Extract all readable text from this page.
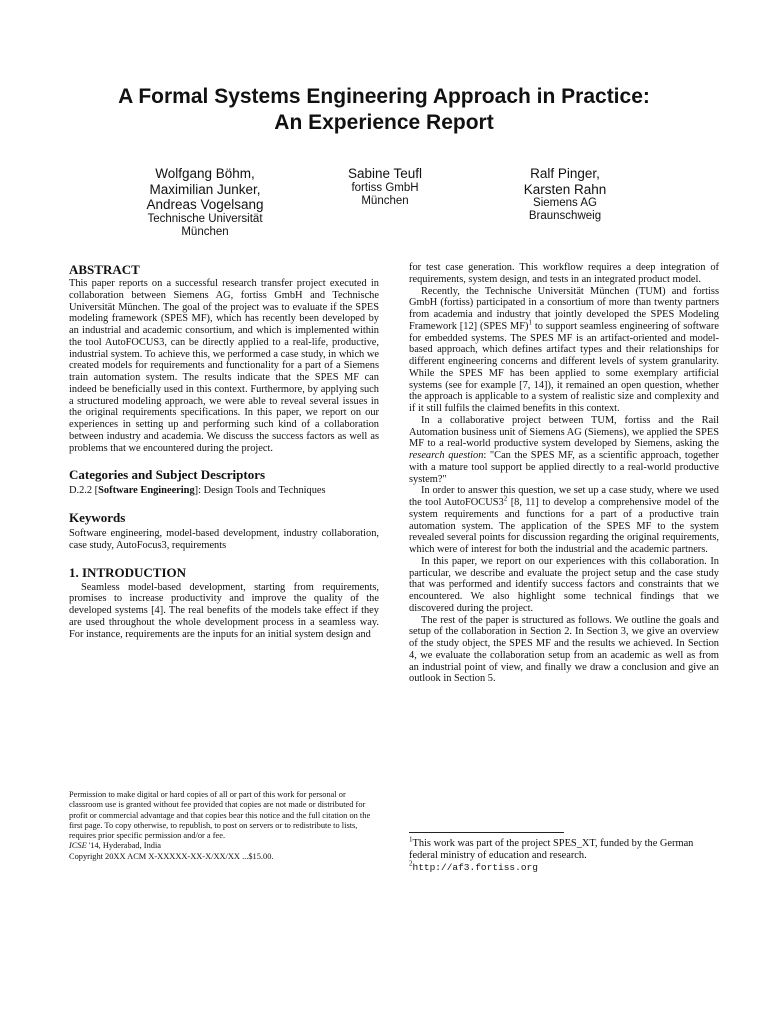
A Formal Systems Engineering Approach in Practice:
An Experience Report
Wolfgang Böhm,
Maximilian Junker,
Andreas Vogelsang
Technische Universität
München
Sabine Teufl
fortiss GmbH
München
Ralf Pinger,
Karsten Rahn
Siemens AG
Braunschweig
ABSTRACT

This paper reports on a successful research transfer project executed in collaboration between Siemens AG, fortiss GmbH and Technische Universität München. The goal of the project was to evaluate if the SPES modeling framework (SPES MF), which has recently been developed by an industrial and academic consortium, and which is implemented within the tool AutoFOCUS3, can be directly applied to a real-life, productive, industrial system. To achieve this, we performed a case study, in which we created models for requirements and functionality for a part of a Siemens train automation system. The results indicate that the SPES MF can indeed be beneficially used in this context. Furthermore, by applying such a structured modeling approach, we were able to reveal several issues in the original requirements specifications. In this paper, we report on our experiences in setting up and performing such kind of a collaboration between industry and academia. We discuss the success factors as well as problems that we encountered during the project.

Categories and Subject Descriptors

D.2.2 [Software Engineering]: Design Tools and Techniques

Keywords

Software engineering, model-based development, industry collaboration, case study, AutoFocus3, requirements

1. INTRODUCTION

Seamless model-based development, starting from requirements, promises to increase productivity and improve the quality of the developed systems [4]. The real benefits of the models take effect if they are used throughout the whole development process in a seamless way. For instance, requirements are the inputs for an initial system design and

Permission to make digital or hard copies of all or part of this work for personal or classroom use is granted without fee provided that copies are not made or distributed for profit or commercial advantage and that copies bear this notice and the full citation on the first page. To copy otherwise, to republish, to post on servers or to redistribute to lists, requires prior specific permission and/or a fee.

ICSE '14, Hyderabad, India

Copyright 20XX ACM X-XXXXX-XX-X/XX/XX ...$15.00.

for test case generation. This workflow requires a deep integration of requirements, system design, and tests in an integrated product model.

Recently, the Technische Universität München (TUM) and fortiss GmbH (fortiss) participated in a consortium of more than twenty partners from academia and industry that jointly developed the SPES Modeling Framework [12] (SPES MF)$^1$ to support seamless engineering of software for embedded systems. The SPES MF is an artifact-oriented and model-based approach, which defines artifact types and their relationships for different engineering concerns and different levels of system granularity. While the SPES MF has been applied to some exemplary artificial systems (see for example [7, 14]), it remained an open question, whether the approach is applicable to a system of realistic size and complexity and if it still fulfils the claimed benefits in this context.

In a collaborative project between TUM, fortiss and the Rail Automation business unit of Siemens AG (Siemens), we applied the SPES MF to a real-world productive system developed by Siemens, asking the research question: "Can the SPES MF, as a scientific approach, together with a mature tool support be applied directly to a real-world productive system?"

In order to answer this question, we set up a case study, where we used the tool $AutoFOCUS3^2$ [8, 11] to develop a comprehensive model of the system requirements and functions for a part of a productive train automation system. The application of the SPES MF to the system revealed several points for discussion regarding the original requirements, which were of interest for both the industrial and the academic partners.

In this paper, we report on our experiences with this collaboration. In particular, we describe and evaluate the project setup and the case study that was performed and identify success factors and constraints that we encountered. We also highlight some technical findings that we discovered during the project.

The rest of the paper is structured as follows. We outline the goals and setup of the collaboration in Section 2. In Section 3, we give an overview of the study object, the SPES MF and the results we achieved. In Section 4, we evaluate the collaboration setup from an academic as well as from an industrial point of view, and finally we draw a conclusion and give an outlook in Section 5.

$^1$This work was part of the project SPES_XT, funded by the German federal ministry of education and research.

$^2$http://af3.fortiss.org
